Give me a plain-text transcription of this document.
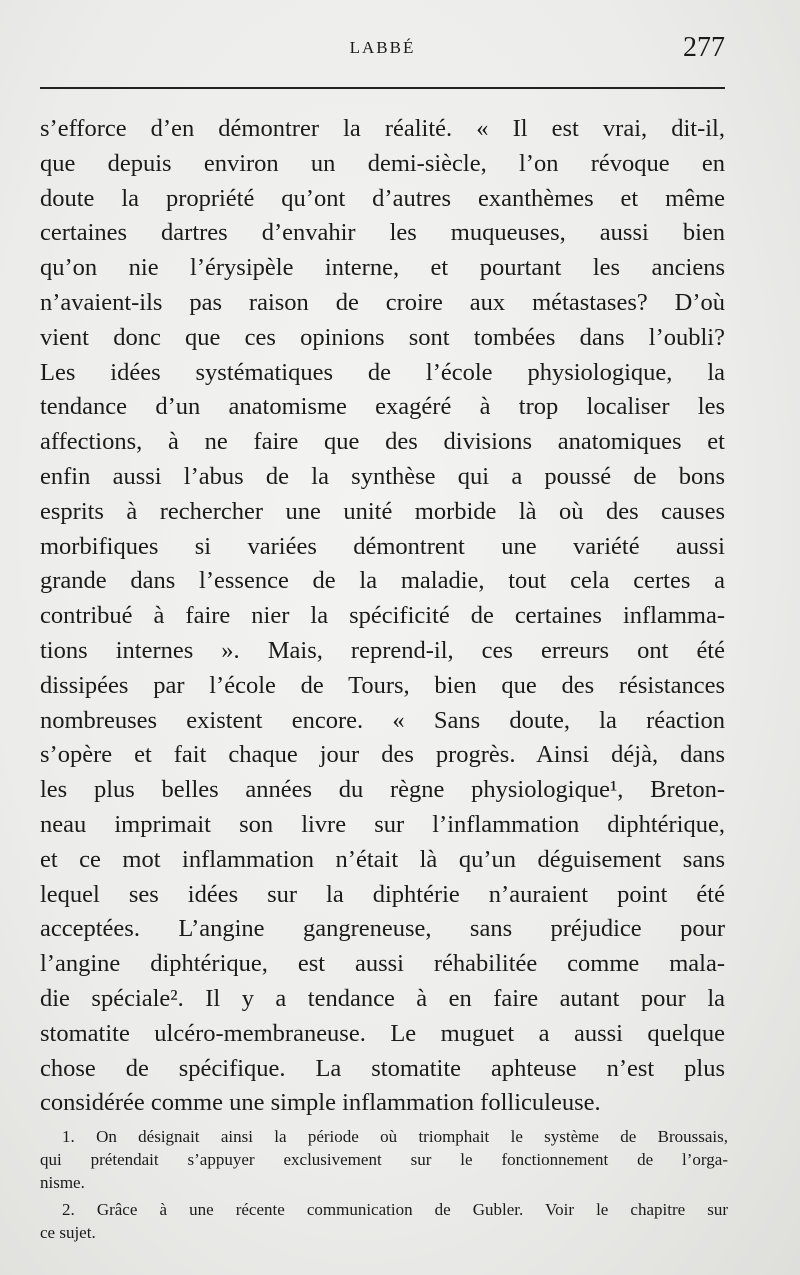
LABBÉ	277
s’efforce d’en démontrer la réalité. « Il est vrai, dit-il,
que depuis environ un demi-siècle, l’on révoque en
doute la propriété qu’ont d’autres exanthèmes et même
certaines dartres d’envahir les muqueuses, aussi bien
qu’on nie l’érysipèle interne, et pourtant les anciens
n’avaient-ils pas raison de croire aux métastases? D’où
vient donc que ces opinions sont tombées dans l’oubli?
Les idées systématiques de l’école physiologique, la
tendance d’un anatomisme exagéré à trop localiser les
affections, à ne faire que des divisions anatomiques et
enfin aussi l’abus de la synthèse qui a poussé de bons
esprits à rechercher une unité morbide là où des causes
morbifiques si variées démontrent une variété aussi
grande dans l’essence de la maladie, tout cela certes a
contribué à faire nier la spécificité de certaines inflamma-
tions internes ». Mais, reprend-il, ces erreurs ont été
dissipées par l’école de Tours, bien que des résistances
nombreuses existent encore. « Sans doute, la réaction
s’opère et fait chaque jour des progrès. Ainsi déjà, dans
les plus belles années du règne physiologique¹, Breton-
neau imprimait son livre sur l’inflammation diphtérique,
et ce mot inflammation n’était là qu’un déguisement sans
lequel ses idées sur la diphtérie n’auraient point été
acceptées. L’angine gangreneuse, sans préjudice pour
l’angine diphtérique, est aussi réhabilitée comme mala-
die spéciale². Il y a tendance à en faire autant pour la
stomatite ulcéro-membraneuse. Le muguet a aussi quelque
chose de spécifique. La stomatite aphteuse n’est plus
considérée comme une simple inflammation folliculeuse.
1. On désignait ainsi la période où triomphait le système de Broussais,
qui prétendait s’appuyer exclusivement sur le fonctionnement de l’orga-
nisme.
2. Grâce à une récente communication de Gubler. Voir le chapitre sur
ce sujet.
